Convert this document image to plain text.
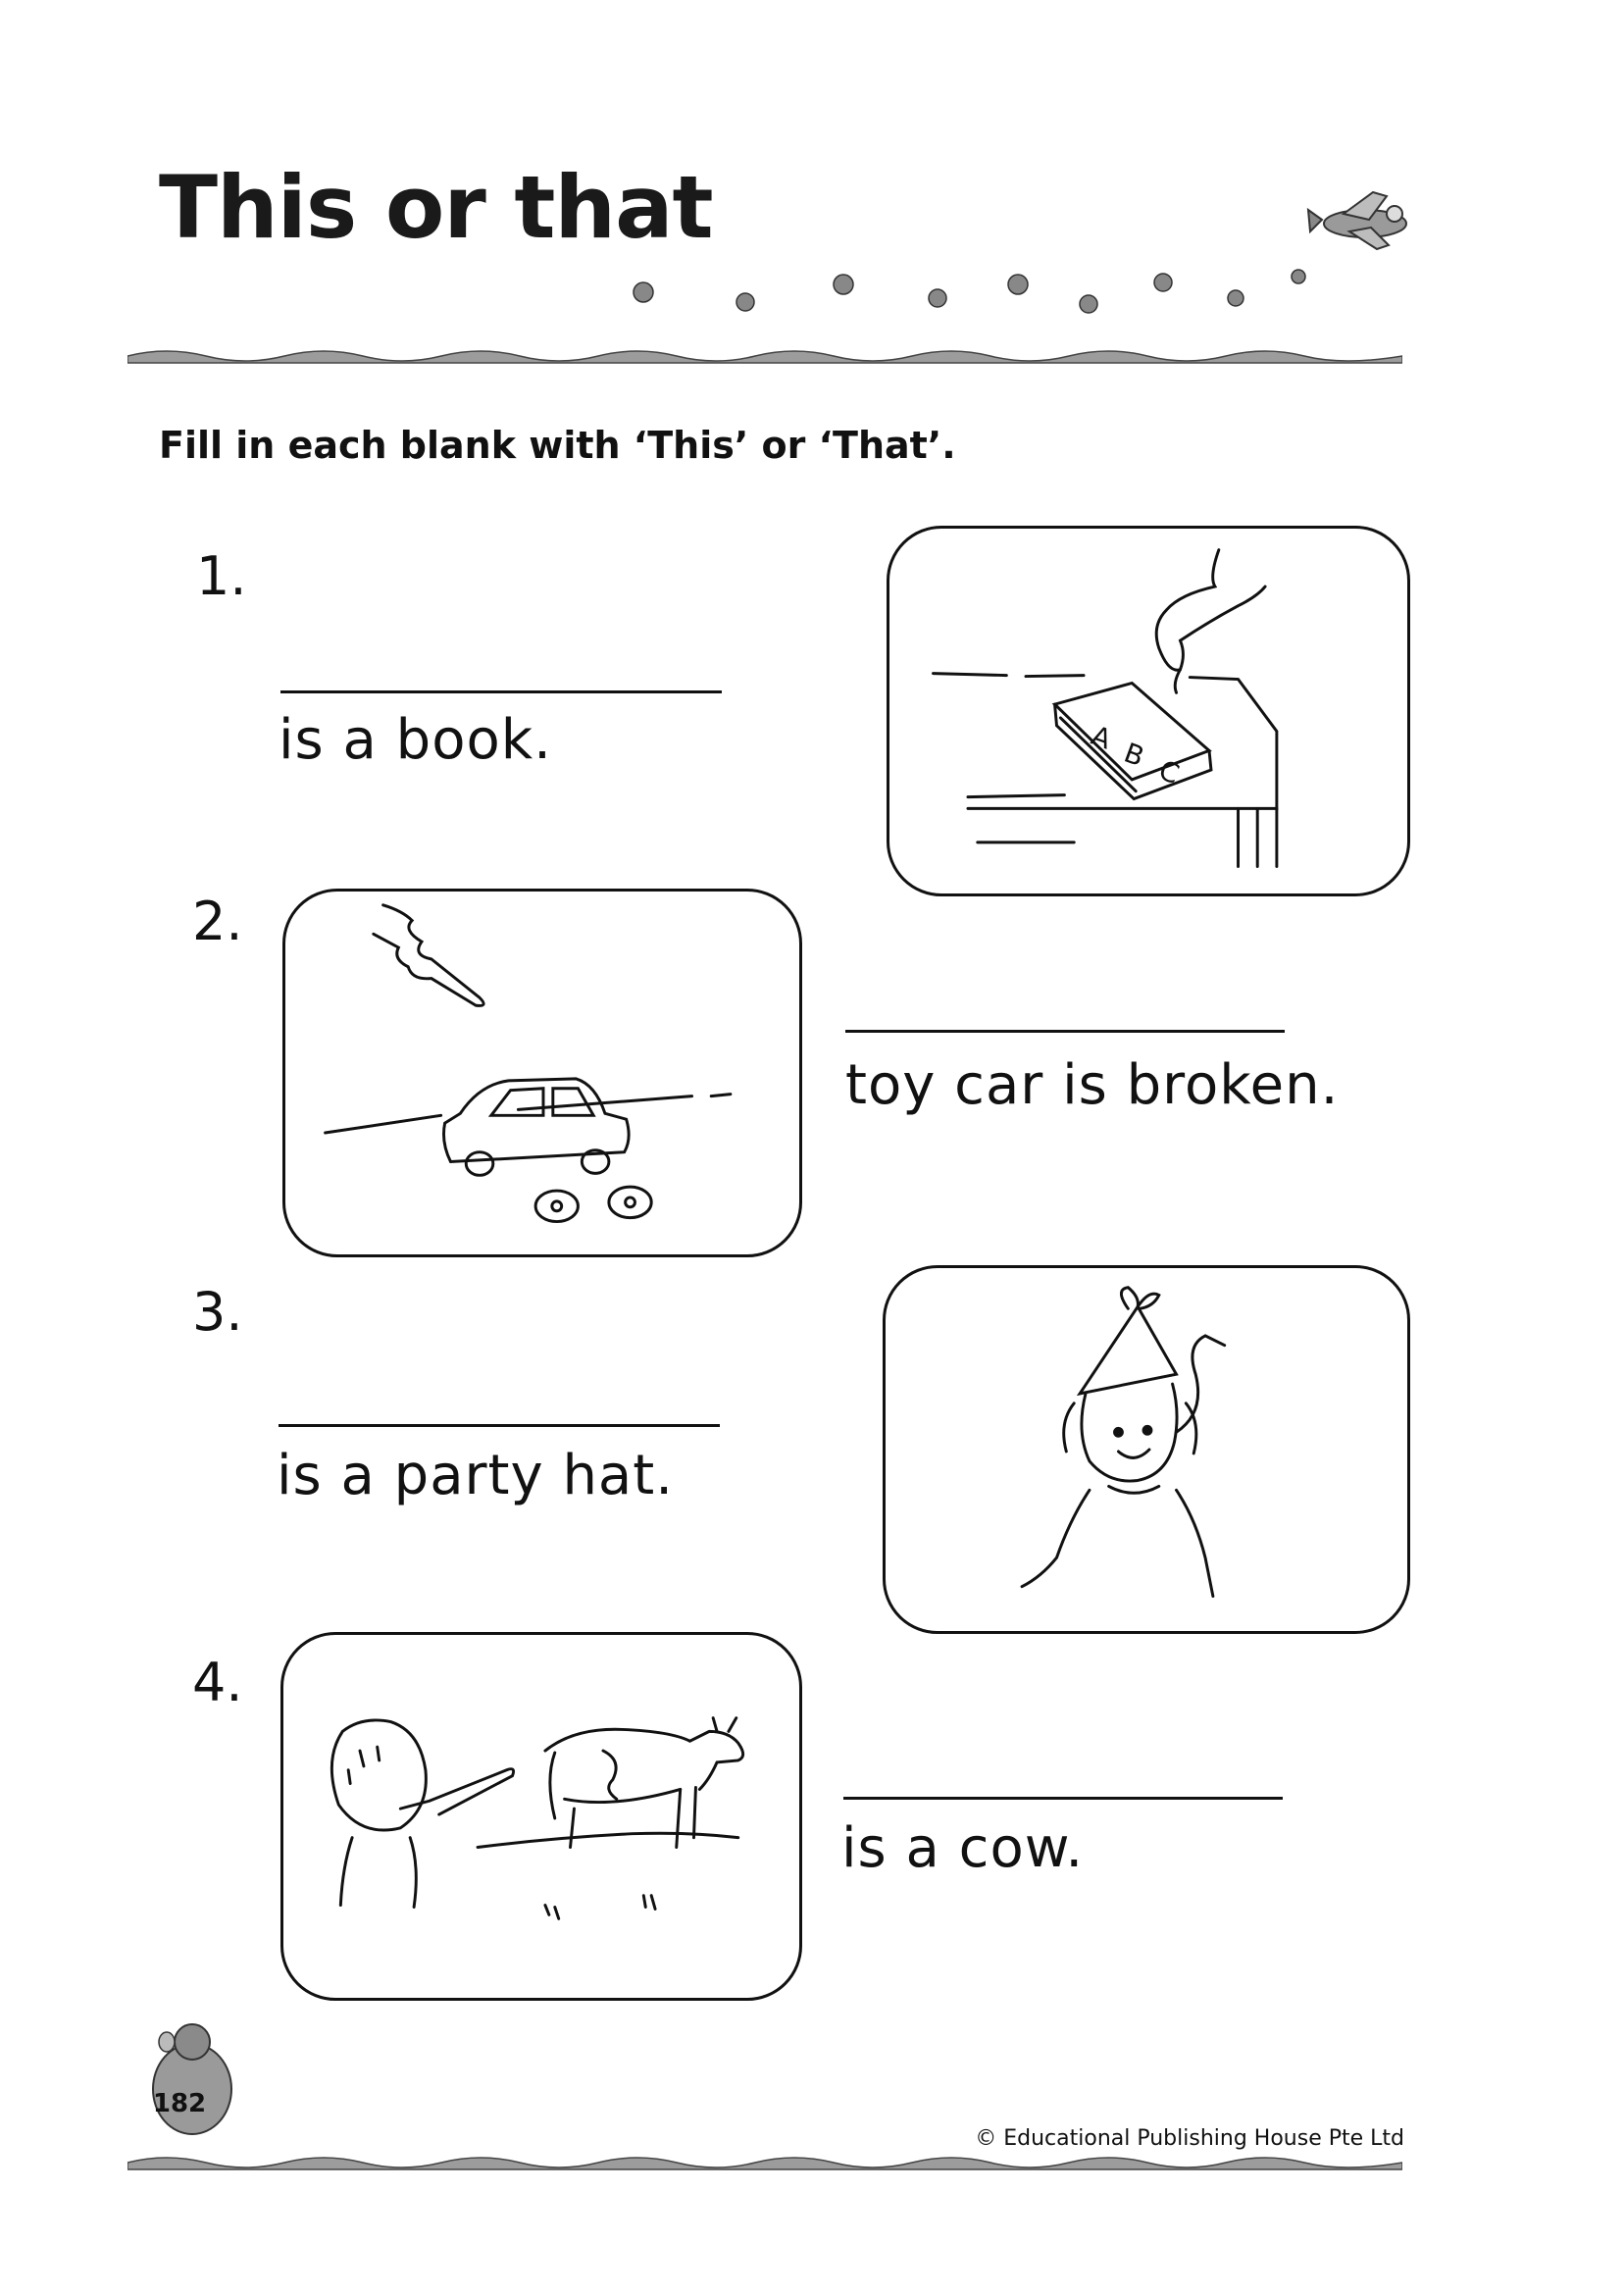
This or that
Fill in each blank with ‘This’ or ‘That’.
1.
is a book.	A B C
2.
toy car is broken.
3.
is a party hat.
4.
is a cow.
182
© Educational Publishing House Pte Ltd
